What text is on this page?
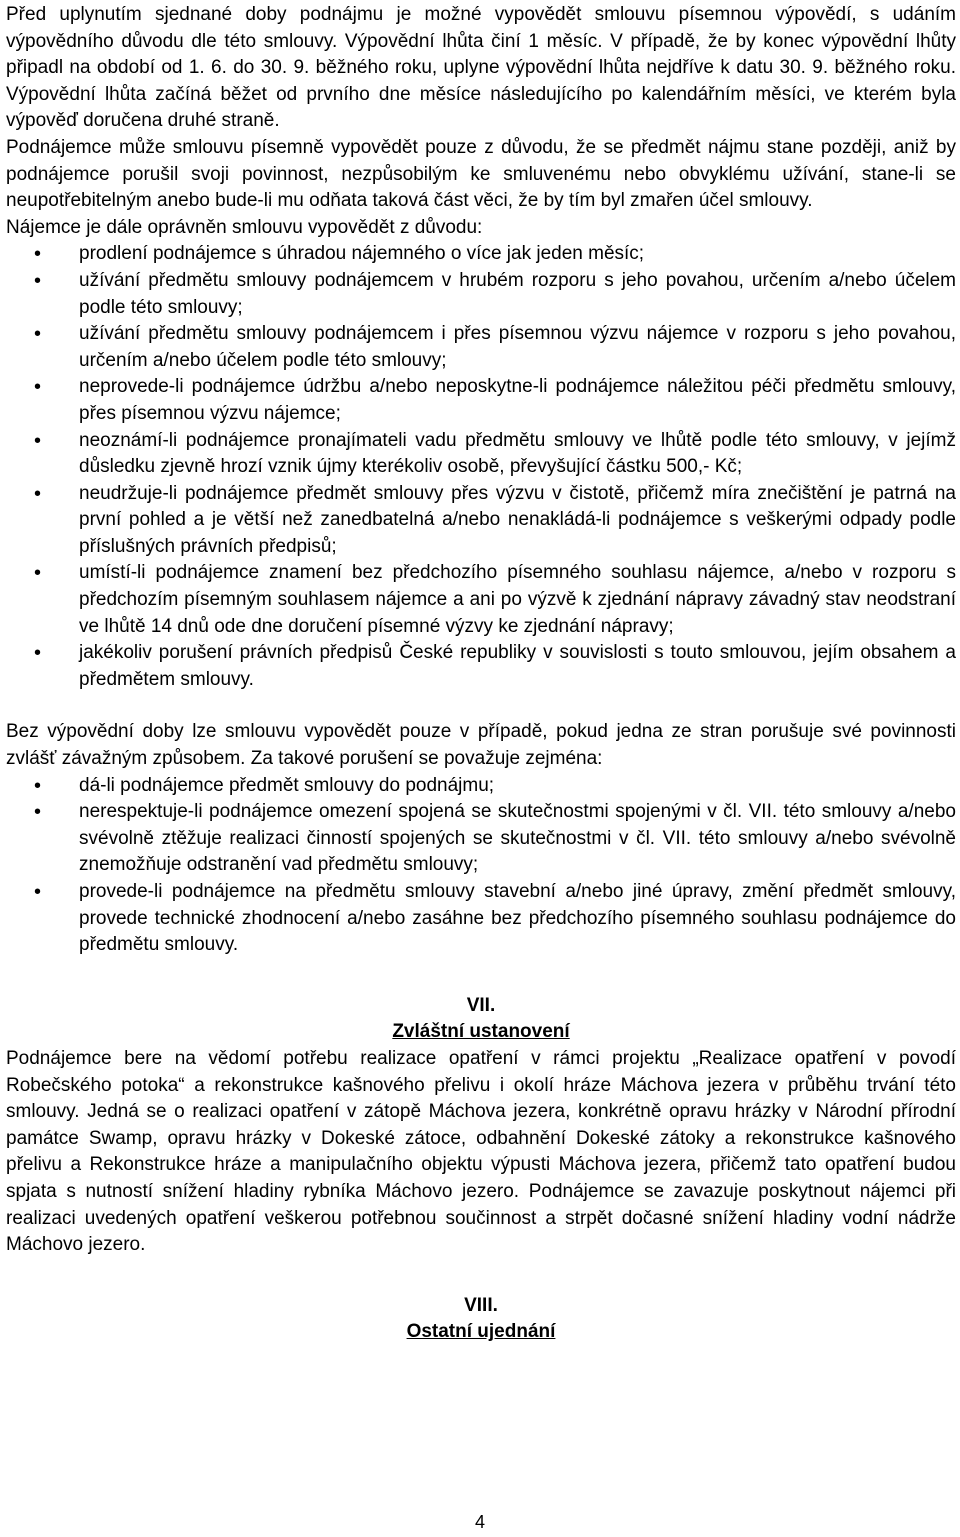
Před uplynutím sjednané doby podnájmu je možné vypovědět smlouvu písemnou výpovědí, s udáním výpovědního důvodu dle této smlouvy. Výpovědní lhůta činí 1 měsíc. V případě, že by konec výpovědní lhůty připadl na období od 1. 6. do 30. 9. běžného roku, uplyne výpovědní lhůta nejdříve k datu 30. 9. běžného roku. Výpovědní lhůta začíná běžet od prvního dne měsíce následujícího po kalendářním měsíci, ve kterém byla výpověď doručena druhé straně.

Podnájemce může smlouvu písemně vypovědět pouze z důvodu, že se předmět nájmu stane později, aniž by podnájemce porušil svoji povinnost, nezpůsobilým ke smluvenému nebo obvyklému užívání, stane-li se neupotřebitelným anebo bude-li mu odňata taková část věci, že by tím byl zmařen účel smlouvy.

Nájemce je dále oprávněn smlouvu vypovědět z důvodu:

• prodlení podnájemce s úhradou nájemného o více jak jeden měsíc;
• užívání předmětu smlouvy podnájemcem v hrubém rozporu s jeho povahou, určením a/nebo účelem podle této smlouvy;
• užívání předmětu smlouvy podnájemcem i přes písemnou výzvu nájemce v rozporu s jeho povahou, určením a/nebo účelem podle této smlouvy;
• neprovede-li podnájemce údržbu a/nebo neposkytne-li podnájemce náležitou péči předmětu smlouvy, přes písemnou výzvu nájemce;
• neoznámí-li podnájemce pronajímateli vadu předmětu smlouvy ve lhůtě podle této smlouvy, v jejímž důsledku zjevně hrozí vznik újmy kterékoliv osobě, převyšující částku 500,- Kč;
• neudržuje-li podnájemce předmět smlouvy přes výzvu v čistotě, přičemž míra znečištění je patrná na první pohled a je větší než zanedbatelná a/nebo nenakládá-li podnájemce s veškerými odpady podle příslušných právních předpisů;
• umístí-li podnájemce znamení bez předchozího písemného souhlasu nájemce, a/nebo v rozporu s předchozím písemným souhlasem nájemce a ani po výzvě k zjednání nápravy závadný stav neodstraní ve lhůtě 14 dnů ode dne doručení písemné výzvy ke zjednání nápravy;
• jakékoliv porušení právních předpisů České republiky v souvislosti s touto smlouvou, jejím obsahem a předmětem smlouvy.

Bez výpovědní doby lze smlouvu vypovědět pouze v případě, pokud jedna ze stran porušuje své povinnosti zvlášť závažným způsobem. Za takové porušení se považuje zejména:

• dá-li podnájemce předmět smlouvy do podnájmu;
• nerespektuje-li podnájemce omezení spojená se skutečnostmi spojenými v čl. VII. této smlouvy a/nebo svévolně ztěžuje realizaci činností spojených se skutečnostmi v čl. VII. této smlouvy a/nebo svévolně znemožňuje odstranění vad předmětu smlouvy;
• provede-li podnájemce na předmětu smlouvy stavební a/nebo jiné úpravy, změní předmět smlouvy, provede technické zhodnocení a/nebo zasáhne bez předchozího písemného souhlasu podnájemce do předmětu smlouvy.

VII.

Zvláštní ustanovení

Podnájemce bere na vědomí potřebu realizace opatření v rámci projektu „Realizace opatření v povodí Robečského potoka“ a rekonstrukce kašnového přelivu i okolí hráze Máchova jezera v průběhu trvání této smlouvy. Jedná se o realizaci opatření v zátopě Máchova jezera, konkrétně opravu hrázky v Národní přírodní památce Swamp, opravu hrázky v Dokeské zátoce, odbahnění Dokeské zátoky a rekonstrukce kašnového přelivu a Rekonstrukce hráze a manipulačního objektu výpusti Máchova jezera, přičemž tato opatření budou spjata s nutností snížení hladiny rybníka Máchovo jezero. Podnájemce se zavazuje poskytnout nájemci při realizaci uvedených opatření veškerou potřebnou součinnost a strpět dočasné snížení hladiny vodní nádrže Máchovo jezero.

VIII.

Ostatní ujednání

4
